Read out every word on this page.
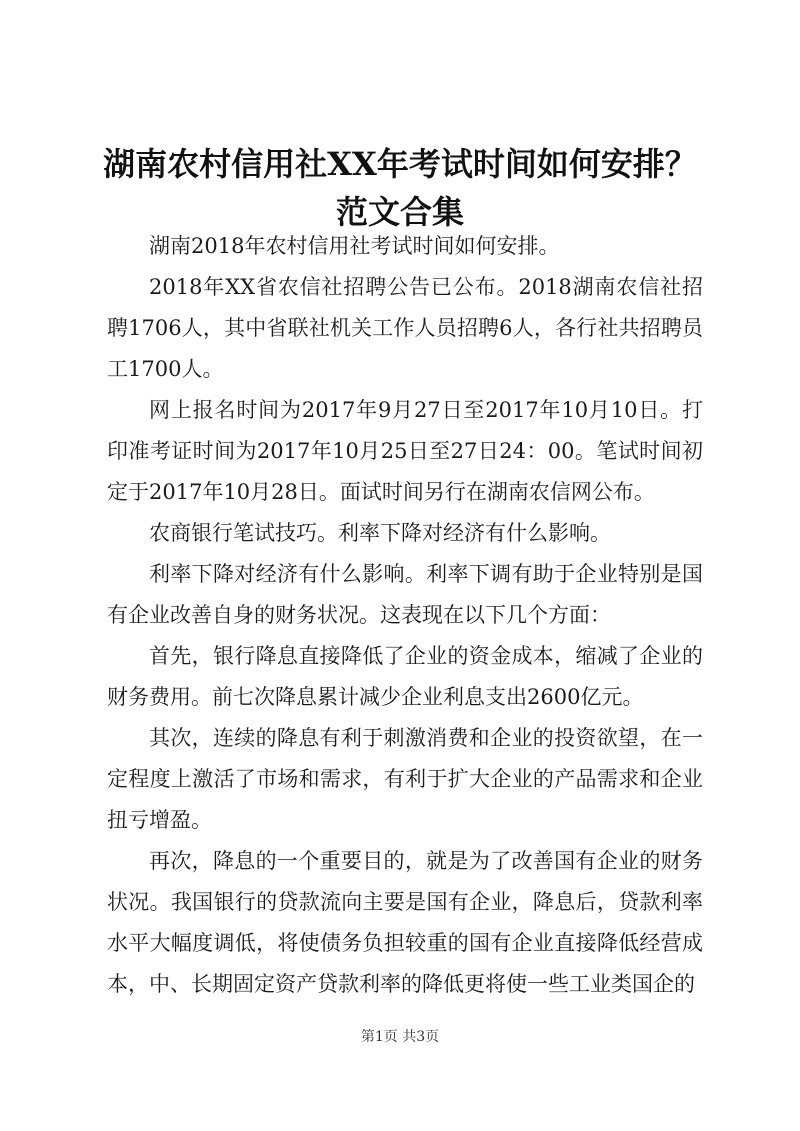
湖南农村信用社XX年考试时间如何安排？范文合集

湖南2018年农村信用社考试时间如何安排。

2018年XX省农信社招聘公告已公布。2018湖南农信社招聘1706人，其中省联社机关工作人员招聘6人，各行社共招聘员工1700人。

网上报名时间为2017年9月27日至2017年10月10日。打印准考证时间为2017年10月25日至27日24：00。笔试时间初定于2017年10月28日。面试时间另行在湖南农信网公布。

农商银行笔试技巧。利率下降对经济有什么影响。

利率下降对经济有什么影响。利率下调有助于企业特别是国有企业改善自身的财务状况。这表现在以下几个方面：

首先，银行降息直接降低了企业的资金成本，缩减了企业的财务费用。前七次降息累计减少企业利息支出2600亿元。

其次，连续的降息有利于刺激消费和企业的投资欲望，在一定程度上激活了市场和需求，有利于扩大企业的产品需求和企业扭亏增盈。

再次，降息的一个重要目的，就是为了改善国有企业的财务状况。我国银行的贷款流向主要是国有企业，降息后，贷款利率水平大幅度调低，将使债务负担较重的国有企业直接降低经营成本，中、长期固定资产贷款利率的降低更将使一些工业类国企的

第1页 共3页
